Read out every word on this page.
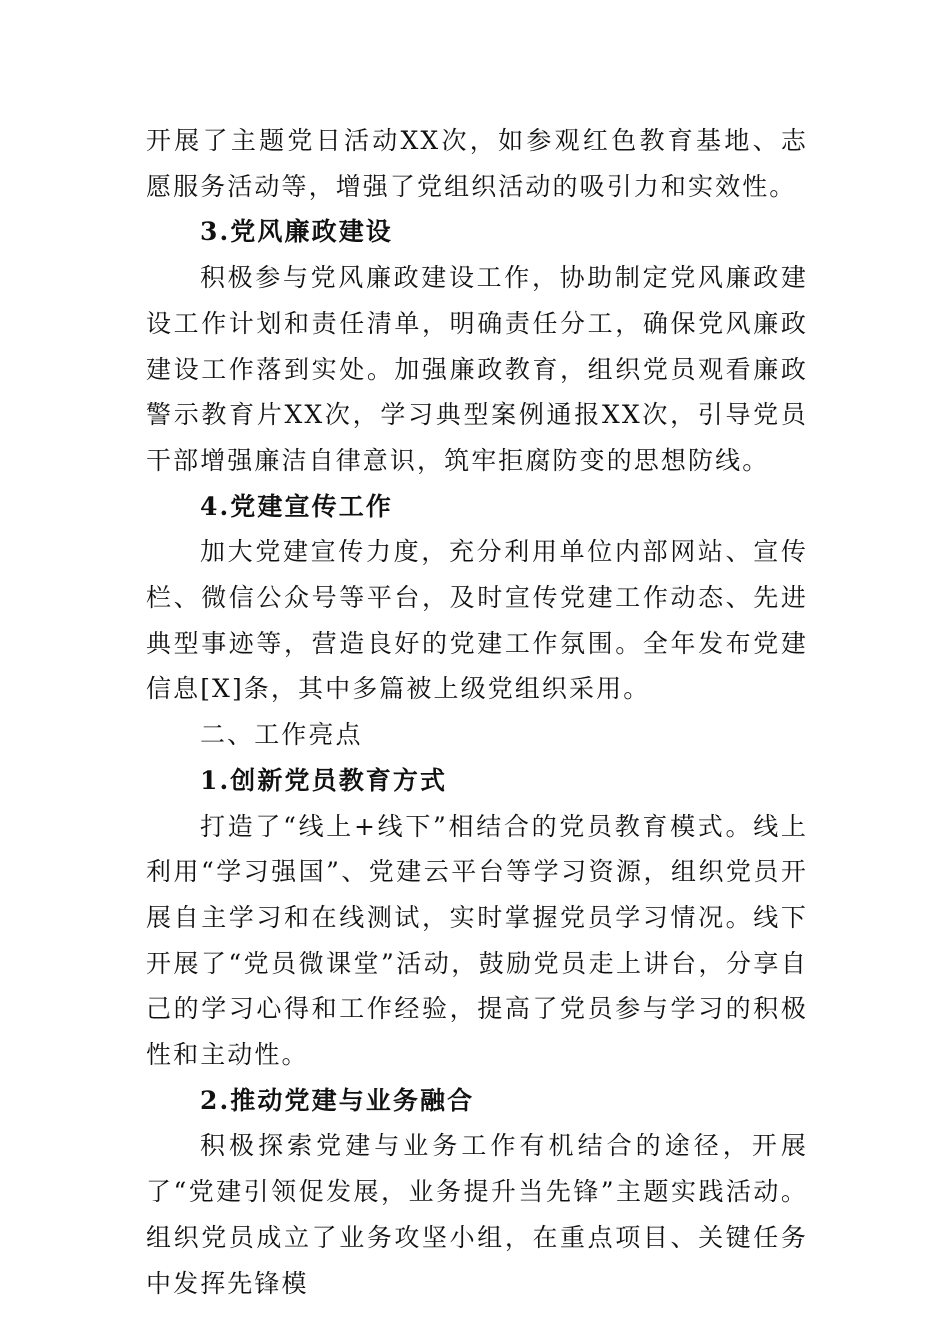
开展了主题党日活动XX次，如参观红色教育基地、志愿服务活动等，增强了党组织活动的吸引力和实效性。

3.党风廉政建设

积极参与党风廉政建设工作，协助制定党风廉政建设工作计划和责任清单，明确责任分工，确保党风廉政建设工作落到实处。加强廉政教育，组织党员观看廉政警示教育片XX次，学习典型案例通报XX次，引导党员干部增强廉洁自律意识，筑牢拒腐防变的思想防线。

4.党建宣传工作

加大党建宣传力度，充分利用单位内部网站、宣传栏、微信公众号等平台，及时宣传党建工作动态、先进典型事迹等，营造良好的党建工作氛围。全年发布党建信息[X]条，其中多篇被上级党组织采用。

二、工作亮点

1.创新党员教育方式

打造了“线上+线下”相结合的党员教育模式。线上利用“学习强国”、党建云平台等学习资源，组织党员开展自主学习和在线测试，实时掌握党员学习情况。线下开展了“党员微课堂”活动，鼓励党员走上讲台，分享自己的学习心得和工作经验，提高了党员参与学习的积极性和主动性。

2.推动党建与业务融合

积极探索党建与业务工作有机结合的途径，开展了“党建引领促发展，业务提升当先锋”主题实践活动。组织党员成立了业务攻坚小组，在重点项目、关键任务中发挥先锋模
